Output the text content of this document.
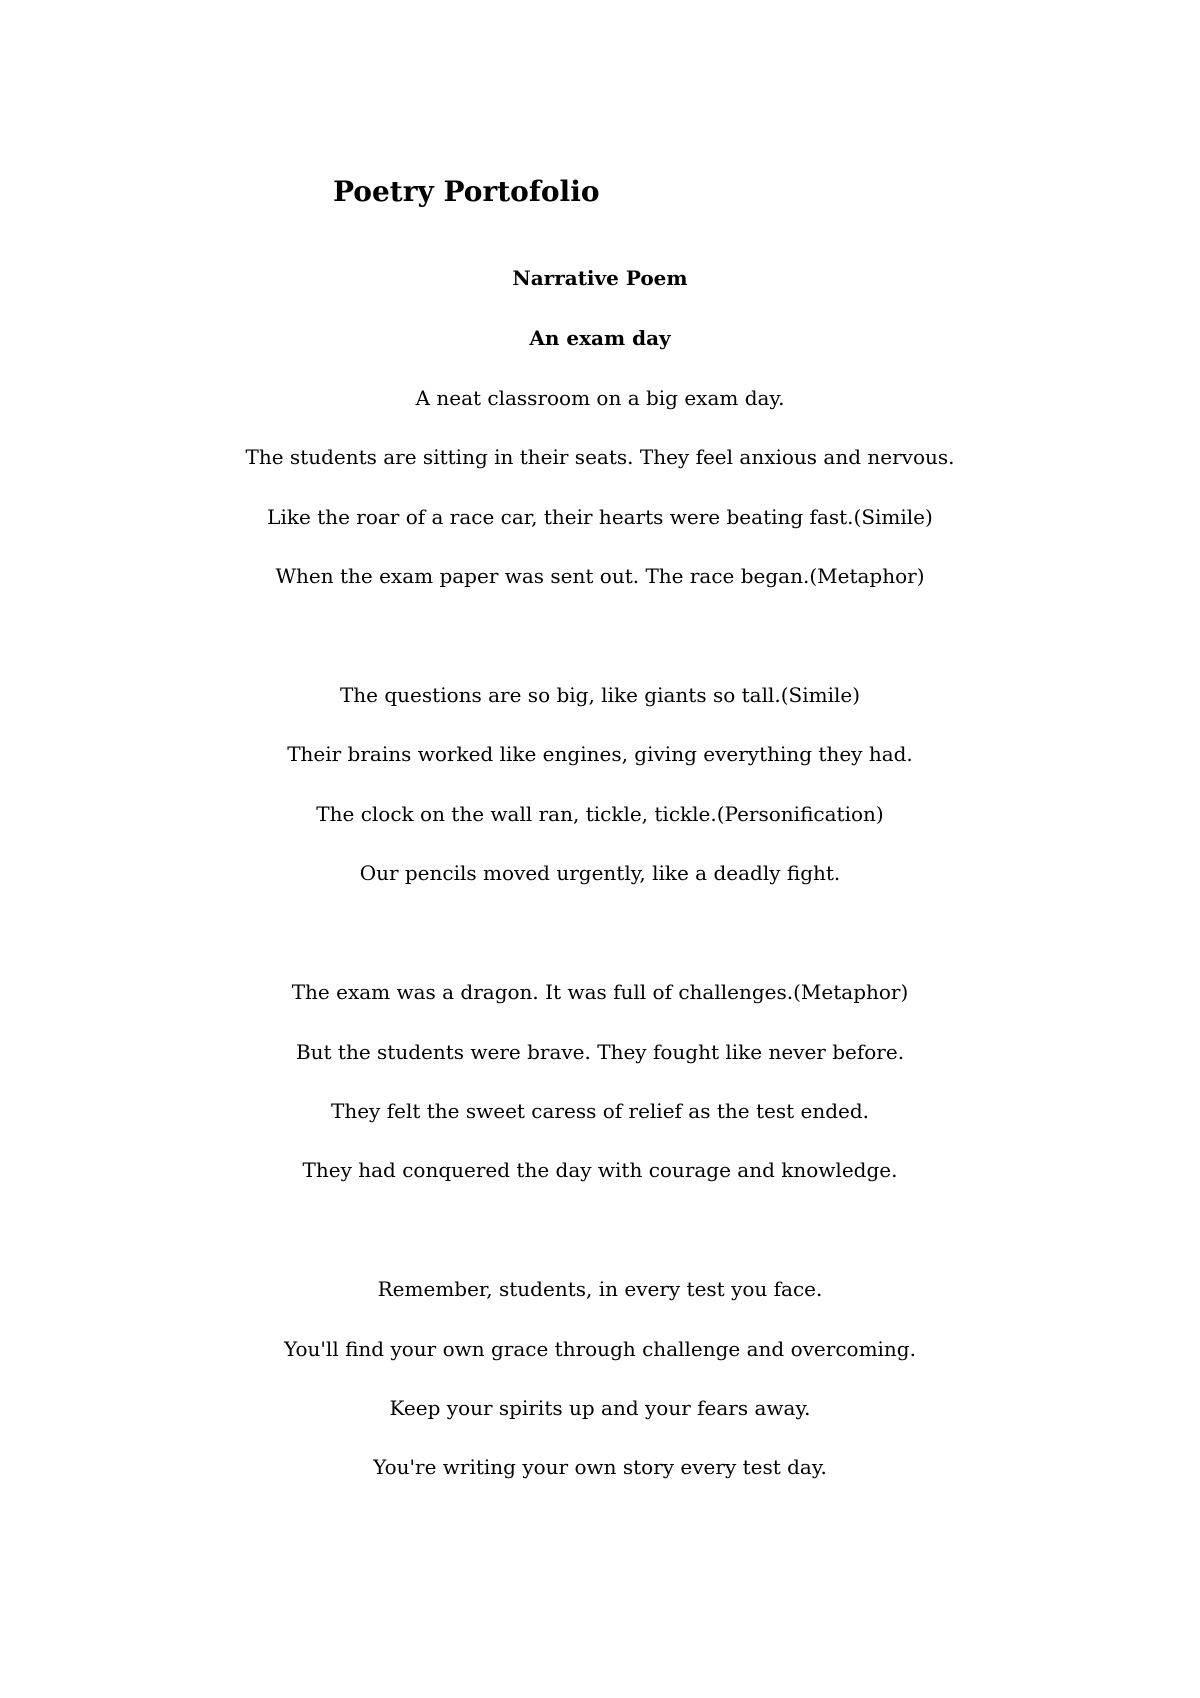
Poetry Portofolio

Narrative Poem

An exam day

A neat classroom on a big exam day.

The students are sitting in their seats. They feel anxious and nervous.

Like the roar of a race car, their hearts were beating fast.(Simile)

When the exam paper was sent out. The race began.(Metaphor)

The questions are so big, like giants so tall.(Simile)

Their brains worked like engines, giving everything they had.

The clock on the wall ran, tickle, tickle.(Personification)

Our pencils moved urgently, like a deadly fight.

The exam was a dragon. It was full of challenges.(Metaphor)

But the students were brave. They fought like never before.

They felt the sweet caress of relief as the test ended.

They had conquered the day with courage and knowledge.

Remember, students, in every test you face.

You'll find your own grace through challenge and overcoming.

Keep your spirits up and your fears away.

You're writing your own story every test day.
